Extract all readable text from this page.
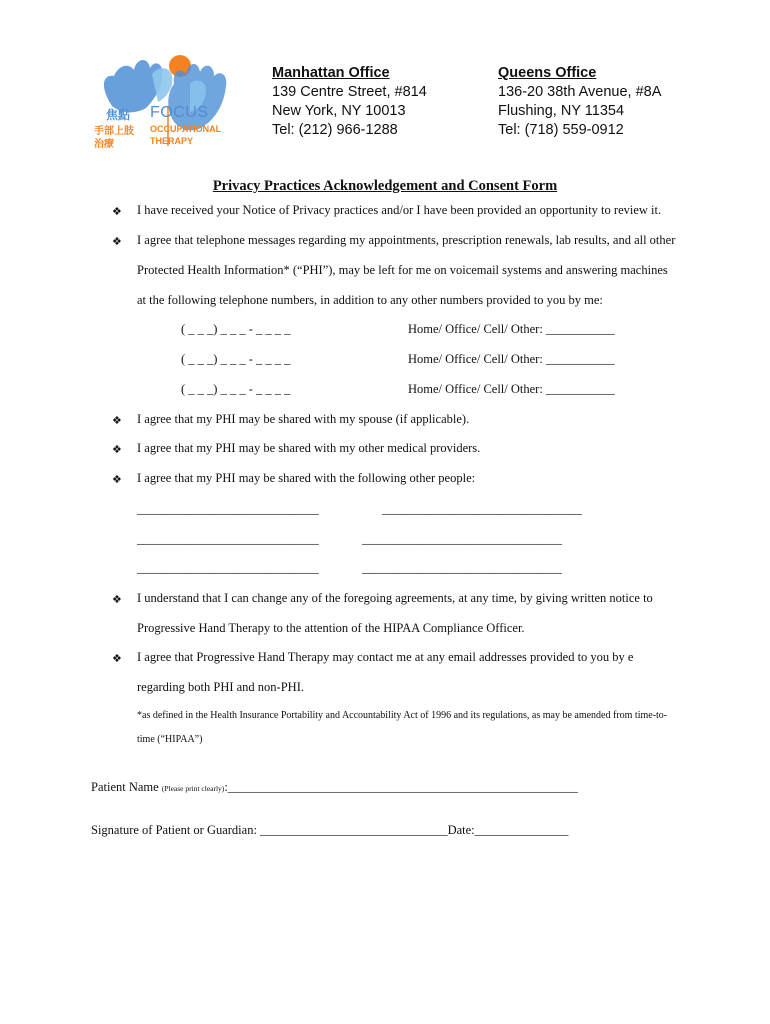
焦點 FOCUS
手部上肢
治療
OCCUPATIONAL
THERAPY
Manhattan Office
139 Centre Street, #814
New York, NY 10013
Tel: (212) 966-1288
Queens Office
136-20 38th Avenue, #8A
Flushing, NY 11354
Tel: (718) 559-0912
Privacy Practices Acknowledgement and Consent Form
❖ I have received your Notice of Privacy practices and/or I have been provided an opportunity to review it.
❖ I agree that telephone messages regarding my appointments, prescription renewals, lab results, and all other
Protected Health Information* (“PHI”), may be left for me on voicemail systems and answering machines
at the following telephone numbers, in addition to any other numbers provided to you by me:
( _ _ _) _ _ _ - _ _ _ _	Home/ Office/ Cell/ Other: ___________
( _ _ _) _ _ _ - _ _ _ _	Home/ Office/ Cell/ Other: ___________
( _ _ _) _ _ _ - _ _ _ _	Home/ Office/ Cell/ Other: ___________
❖ I agree that my PHI may be shared with my spouse (if applicable).
❖ I agree that my PHI may be shared with my other medical providers.
❖ I agree that my PHI may be shared with the following other people:
______________________________	_________________________________
______________________________	_________________________________
______________________________	_________________________________
❖ I understand that I can change any of the foregoing agreements, at any time, by giving written notice to
Progressive Hand Therapy to the attention of the HIPAA Compliance Officer.
❖ I agree that Progressive Hand Therapy may contact me at any email addresses provided to you by e
regarding both PHI and non-PHI.
*as defined in the Health Insurance Portability and Accountability Act of 1996 and its regulations, as may be amended from time-to-
time (“HIPAA”)
Patient Name (Please print clearly):________________________________________________________
Signature of Patient or Guardian: ______________________________Date:_______________
